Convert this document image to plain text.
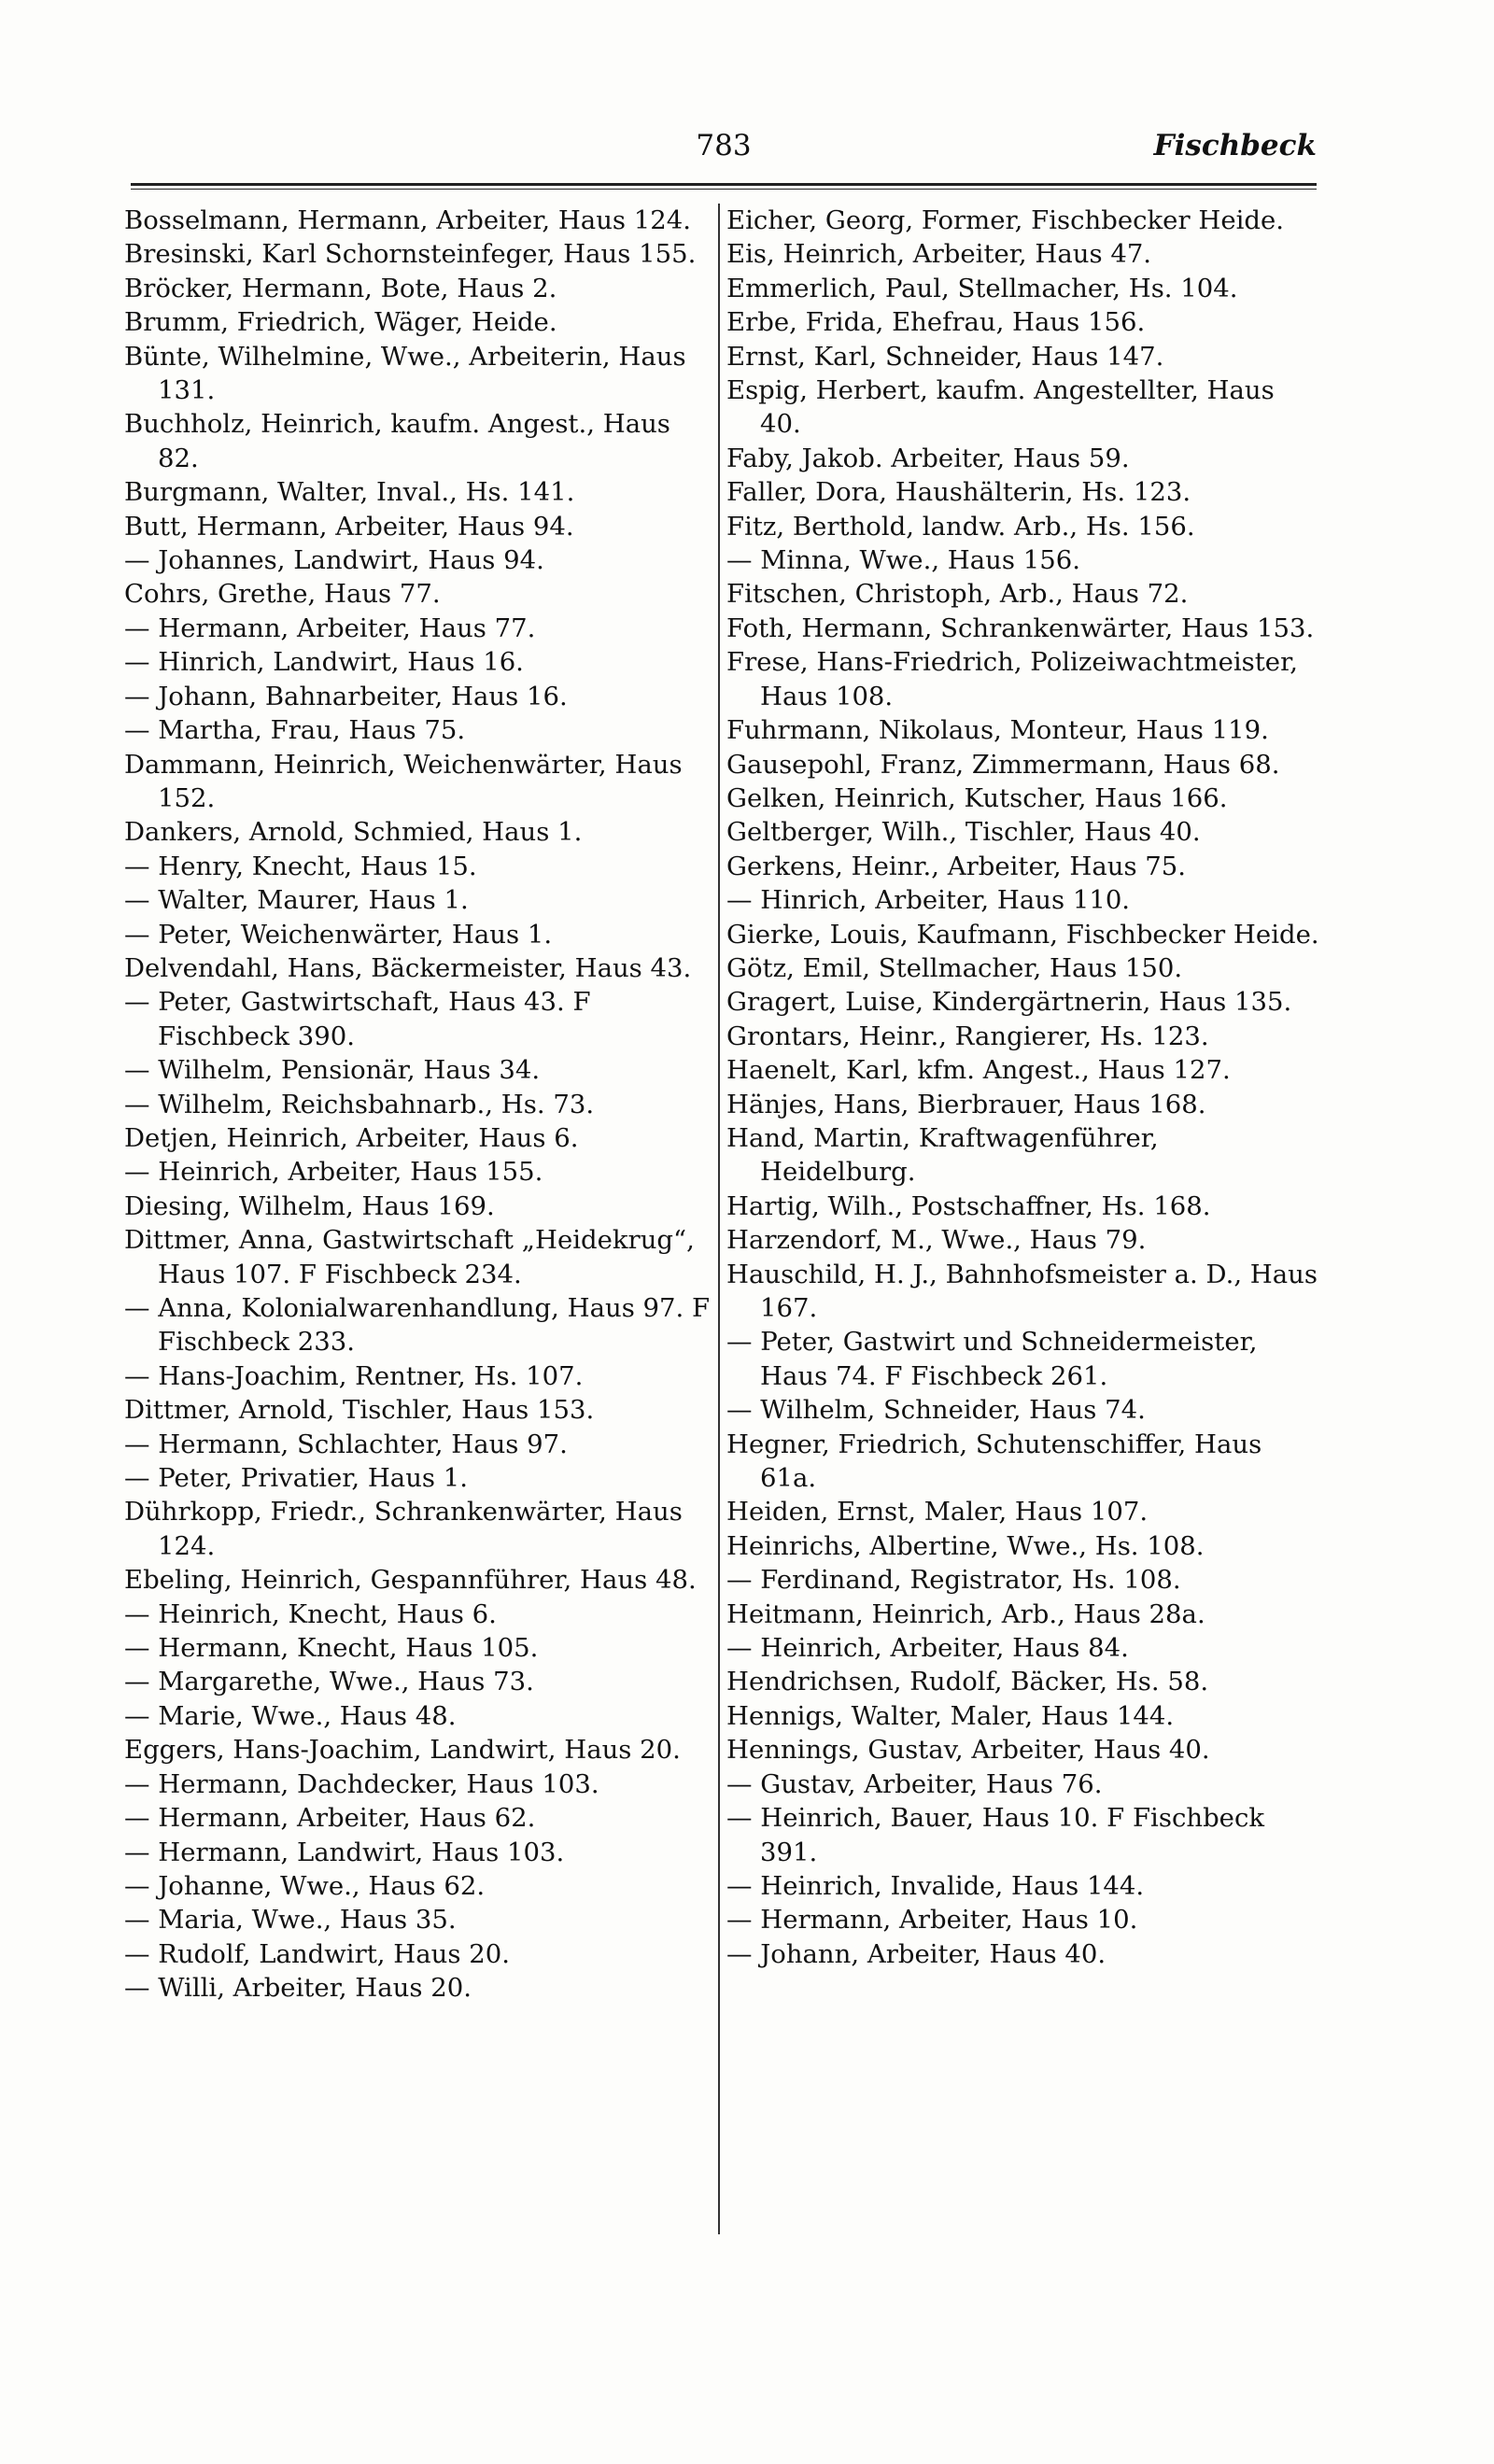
783	Fischbeck

Bosselmann, Hermann, Arbeiter, Haus 124.

Bresinski, Karl Schornsteinfeger, Haus 155.

Bröcker, Hermann, Bote, Haus 2.

Brumm, Friedrich, Wäger, Heide.

Bünte, Wilhelmine, Wwe., Arbeiterin, Haus 131.

Buchholz, Heinrich, kaufm. Angest., Haus 82.

Burgmann, Walter, Inval., Hs. 141.

Butt, Hermann, Arbeiter, Haus 94.

— Johannes, Landwirt, Haus 94.

Cohrs, Grethe, Haus 77.

— Hermann, Arbeiter, Haus 77.

— Hinrich, Landwirt, Haus 16.

— Johann, Bahnarbeiter, Haus 16.

— Martha, Frau, Haus 75.

Dammann, Heinrich, Weichenwärter, Haus 152.

Dankers, Arnold, Schmied, Haus 1.

— Henry, Knecht, Haus 15.

— Walter, Maurer, Haus 1.

— Peter, Weichenwärter, Haus 1.

Delvendahl, Hans, Bäckermeister, Haus 43.

— Peter, Gastwirtschaft, Haus 43. F Fischbeck 390.

— Wilhelm, Pensionär, Haus 34.

— Wilhelm, Reichsbahnarb., Hs. 73.

Detjen, Heinrich, Arbeiter, Haus 6.

— Heinrich, Arbeiter, Haus 155.

Diesing, Wilhelm, Haus 169.

Dittmer, Anna, Gastwirtschaft „Heidekrug“, Haus 107. F Fischbeck 234.

— Anna, Kolonialwarenhandlung, Haus 97. F Fischbeck 233.

— Hans-Joachim, Rentner, Hs. 107.

Dittmer, Arnold, Tischler, Haus 153.

— Hermann, Schlachter, Haus 97.

— Peter, Privatier, Haus 1.

Dührkopp, Friedr., Schrankenwärter, Haus 124.

Ebeling, Heinrich, Gespannführer, Haus 48.

— Heinrich, Knecht, Haus 6.

— Hermann, Knecht, Haus 105.

— Margarethe, Wwe., Haus 73.

— Marie, Wwe., Haus 48.

Eggers, Hans-Joachim, Landwirt, Haus 20.

— Hermann, Dachdecker, Haus 103.

— Hermann, Arbeiter, Haus 62.

— Hermann, Landwirt, Haus 103.

— Johanne, Wwe., Haus 62.

— Maria, Wwe., Haus 35.

— Rudolf, Landwirt, Haus 20.

— Willi, Arbeiter, Haus 20.

Eicher, Georg, Former, Fischbecker Heide.

Eis, Heinrich, Arbeiter, Haus 47.

Emmerlich, Paul, Stellmacher, Hs. 104.

Erbe, Frida, Ehefrau, Haus 156.

Ernst, Karl, Schneider, Haus 147.

Espig, Herbert, kaufm. Angestellter, Haus 40.

Faby, Jakob. Arbeiter, Haus 59.

Faller, Dora, Haushälterin, Hs. 123.

Fitz, Berthold, landw. Arb., Hs. 156.

— Minna, Wwe., Haus 156.

Fitschen, Christoph, Arb., Haus 72.

Foth, Hermann, Schrankenwärter, Haus 153.

Frese, Hans-Friedrich, Polizeiwachtmeister, Haus 108.

Fuhrmann, Nikolaus, Monteur, Haus 119.

Gausepohl, Franz, Zimmermann, Haus 68.

Gelken, Heinrich, Kutscher, Haus 166.

Geltberger, Wilh., Tischler, Haus 40.

Gerkens, Heinr., Arbeiter, Haus 75.

— Hinrich, Arbeiter, Haus 110.

Gierke, Louis, Kaufmann, Fischbecker Heide.

Götz, Emil, Stellmacher, Haus 150.

Gragert, Luise, Kindergärtnerin, Haus 135.

Grontars, Heinr., Rangierer, Hs. 123.

Haenelt, Karl, kfm. Angest., Haus 127.

Hänjes, Hans, Bierbrauer, Haus 168.

Hand, Martin, Kraftwagenführer, Heidelburg.

Hartig, Wilh., Postschaffner, Hs. 168.

Harzendorf, M., Wwe., Haus 79.

Hauschild, H. J., Bahnhofsmeister a. D., Haus 167.

— Peter, Gastwirt und Schneidermeister, Haus 74. F Fischbeck 261.

— Wilhelm, Schneider, Haus 74.

Hegner, Friedrich, Schutenschiffer, Haus 61a.

Heiden, Ernst, Maler, Haus 107.

Heinrichs, Albertine, Wwe., Hs. 108.

— Ferdinand, Registrator, Hs. 108.

Heitmann, Heinrich, Arb., Haus 28a.

— Heinrich, Arbeiter, Haus 84.

Hendrichsen, Rudolf, Bäcker, Hs. 58.

Hennigs, Walter, Maler, Haus 144.

Hennings, Gustav, Arbeiter, Haus 40.

— Gustav, Arbeiter, Haus 76.

— Heinrich, Bauer, Haus 10. F Fischbeck 391.

— Heinrich, Invalide, Haus 144.

— Hermann, Arbeiter, Haus 10.

— Johann, Arbeiter, Haus 40.
